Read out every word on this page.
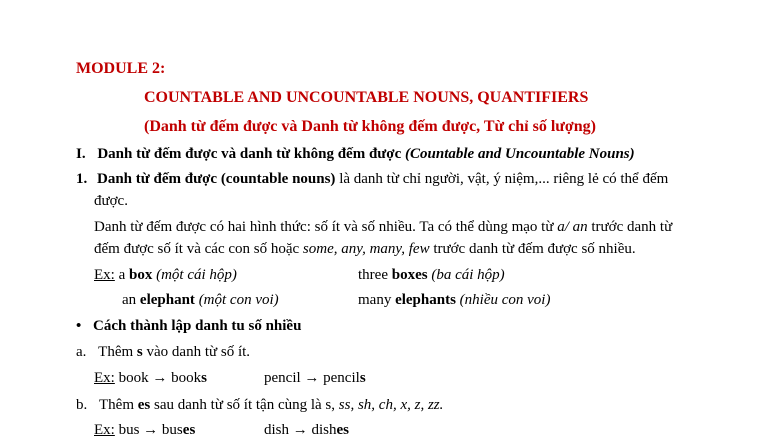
MODULE 2:
COUNTABLE AND UNCOUNTABLE NOUNS, QUANTIFIERS
(Danh từ đếm được và Danh từ không đếm được, Từ chỉ số lượng)
I. Danh từ đếm được và danh từ không đếm được (Countable and Uncountable Nouns)
1. Danh từ đếm được (countable nouns) là danh từ chỉ người, vật, ý niệm,... riêng lẻ có thể đếm
được.
Danh từ đếm được có hai hình thức: số ít và số nhiều. Ta có thể dùng mạo từ a/ an trước danh từ
đếm được số ít và các con số hoặc some, any, many, few trước danh từ đếm được số nhiều.
Ex: a box (một cái hộp)	three boxes (ba cái hộp)
an elephant (một con voi)	many elephants (nhiều con voi)
• Cách thành lập danh tu số nhiều
a. Thêm s vào danh từ số ít.
Ex: book → books	pencil → pencils
b. Thêm es sau danh từ số ít tận cùng là s, ss, sh, ch, x, z, zz.
Ex: bus → buses	dish → dishes
